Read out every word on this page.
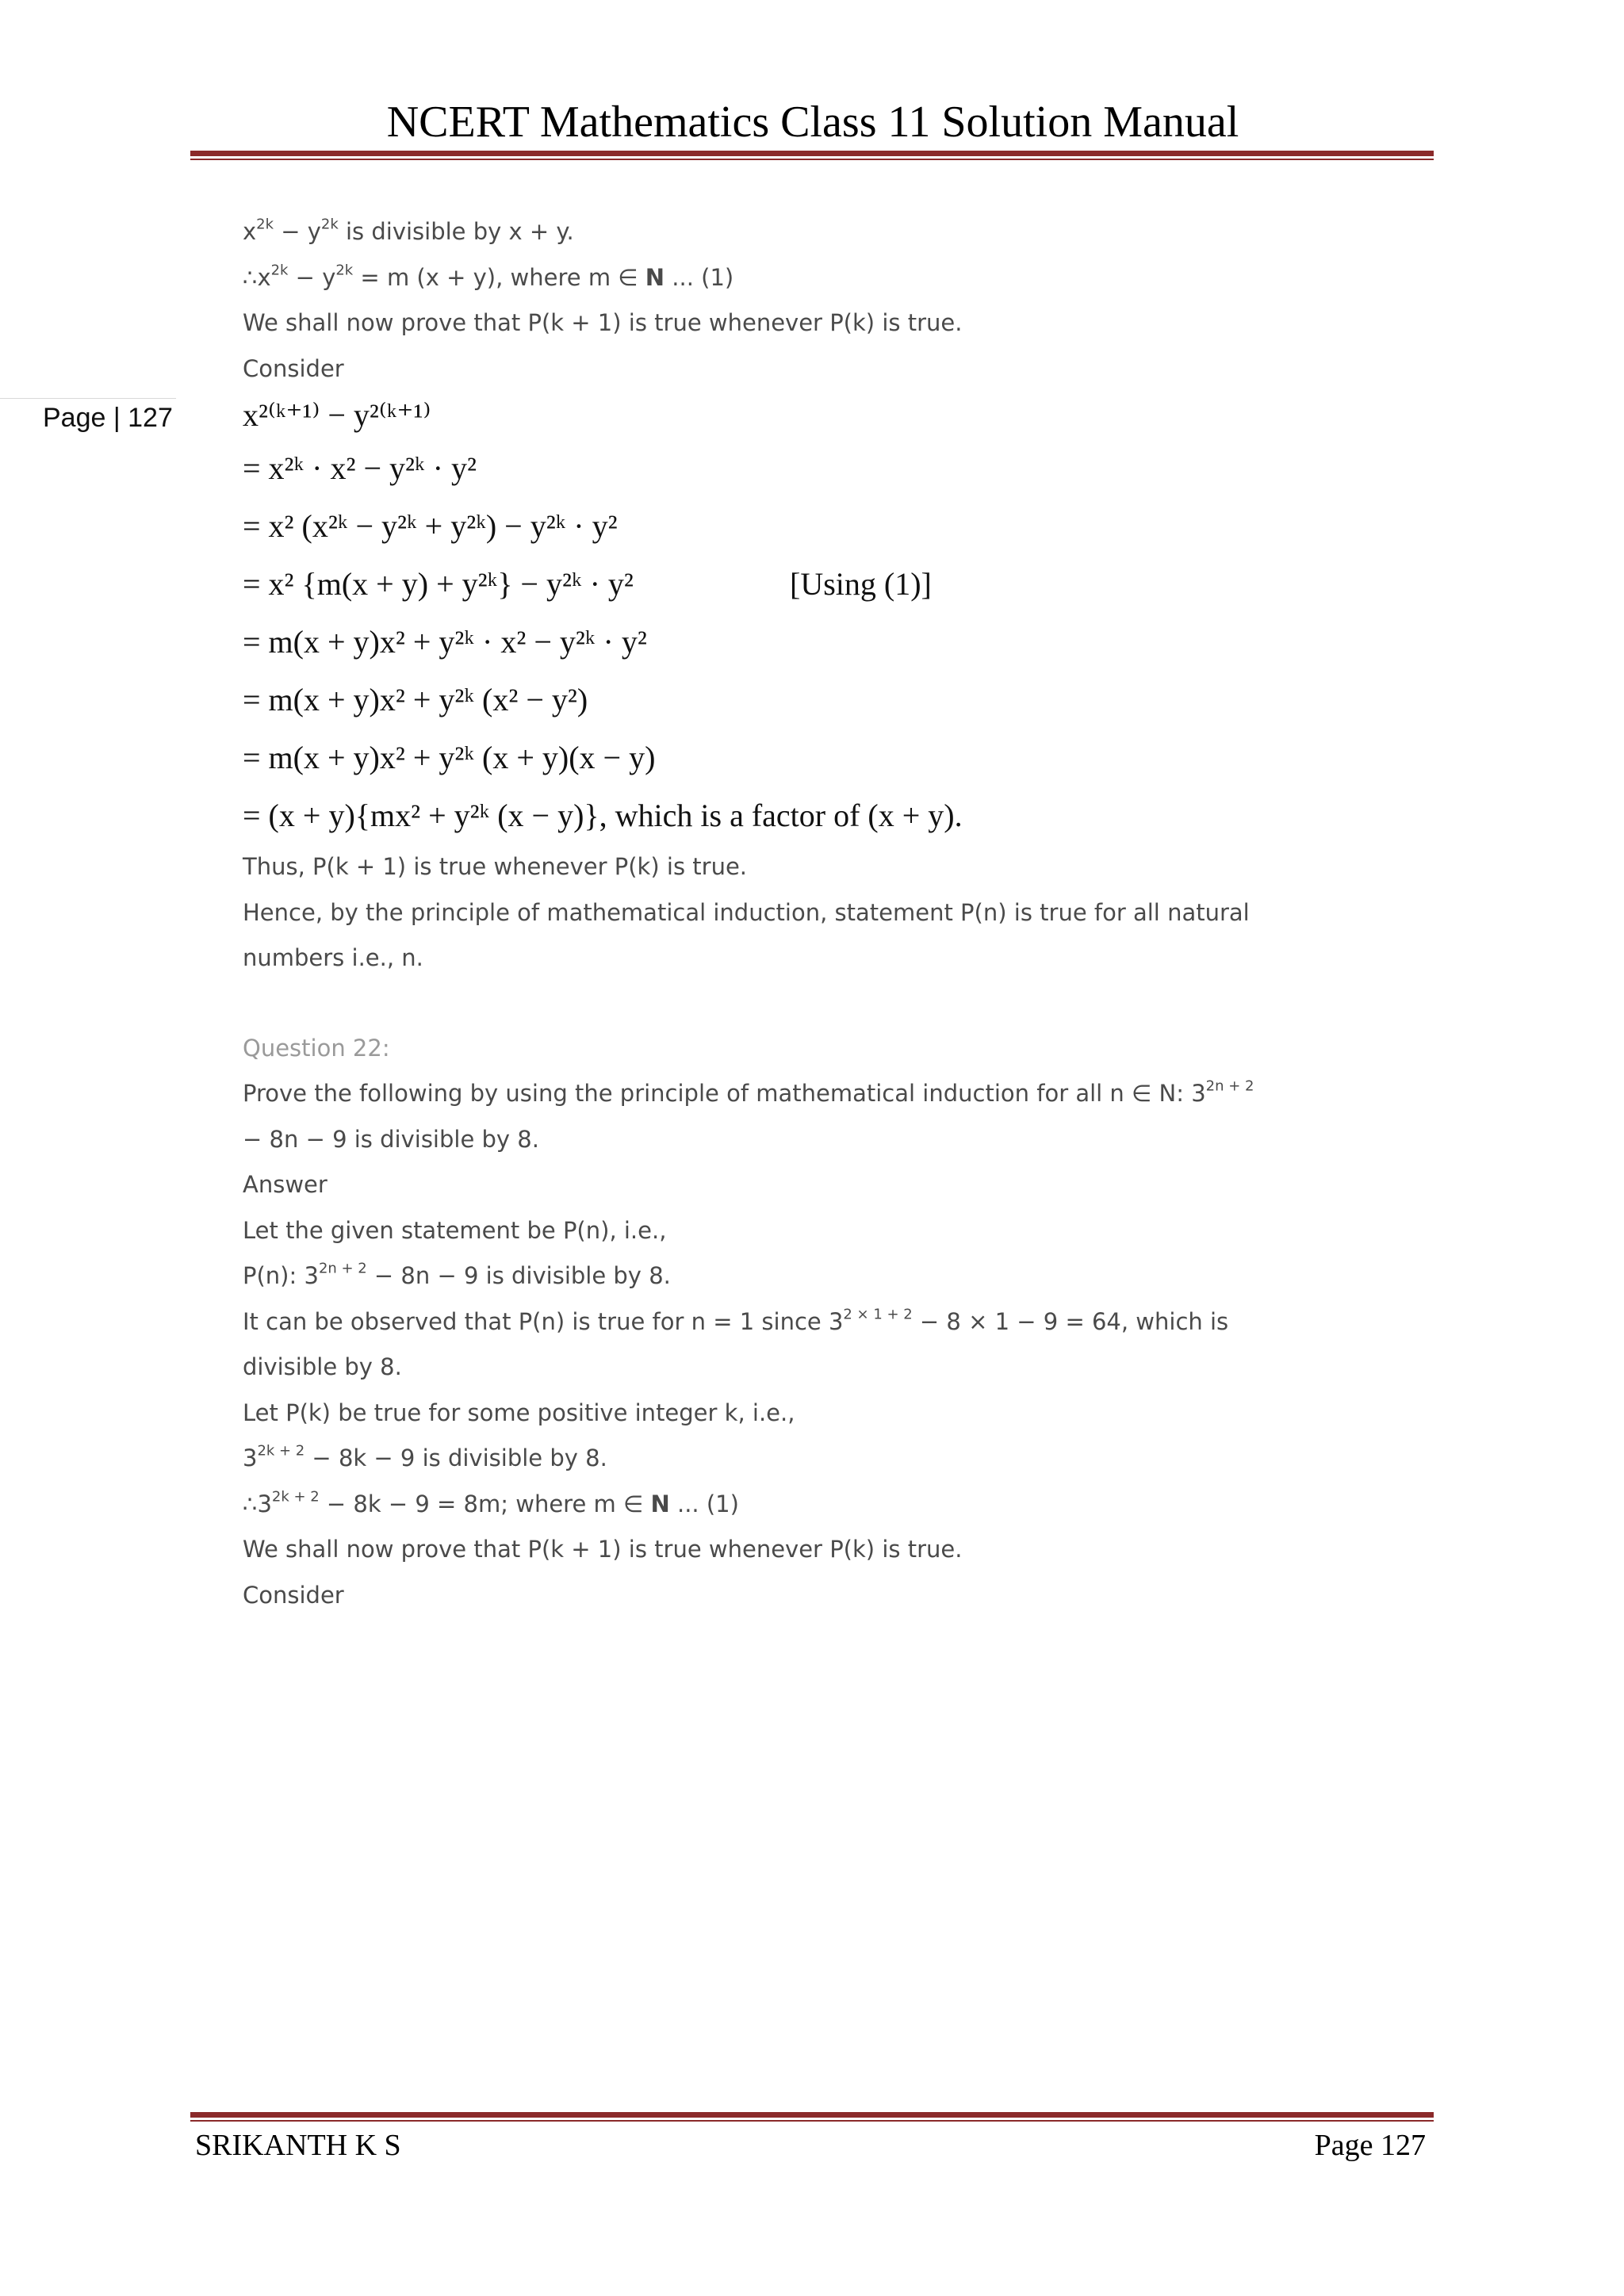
NCERT Mathematics Class 11 Solution Manual
Page | 127
$x^{2k} - y^{2k}$ is divisible by x + y.
$\therefore x^{2k} - y^{2k} = m$ (x + y), where m ∈ N ... (1)
We shall now prove that P(k + 1) is true whenever P(k) is true.
Consider
x²⁽ᵏ⁺¹⁾ − y²⁽ᵏ⁺¹⁾
= x²ᵏ · x² − y²ᵏ · y²
= x² (x²ᵏ − y²ᵏ + y²ᵏ) − y²ᵏ · y²
= x² {m(x + y) + y²ᵏ} − y²ᵏ · y²	[Using (1)]
= m(x + y)x² + y²ᵏ · x² − y²ᵏ · y²
= m(x + y)x² + y²ᵏ (x² − y²)
= m(x + y)x² + y²ᵏ (x + y)(x − y)
= (x + y){mx² + y²ᵏ (x − y)}, which is a factor of (x + y).
Thus, P(k + 1) is true whenever P(k) is true.
Hence, by the principle of mathematical induction, statement P(n) is true for all natural
numbers i.e., n.
Question 22:
Prove the following by using the principle of mathematical induction for all n ∈ N: $3^{2n + 2}$
− 8n − 9 is divisible by 8.
Answer
Let the given statement be P(n), i.e.,
P(n): $3^{2n + 2} - 8n - 9$ is divisible by 8.
It can be observed that P(n) is true for n = 1 since $3^{2 \times 1 + 2} - 8 \times 1 - 9 = 64$, which is
divisible by 8.
Let P(k) be true for some positive integer k, i.e.,
$3^{2k + 2} - 8k - 9$ is divisible by 8.
$\therefore 3^{2k + 2} - 8k - 9 = 8m$; where m ∈ N ... (1)
We shall now prove that P(k + 1) is true whenever P(k) is true.
Consider
SRIKANTH K S	Page 127
